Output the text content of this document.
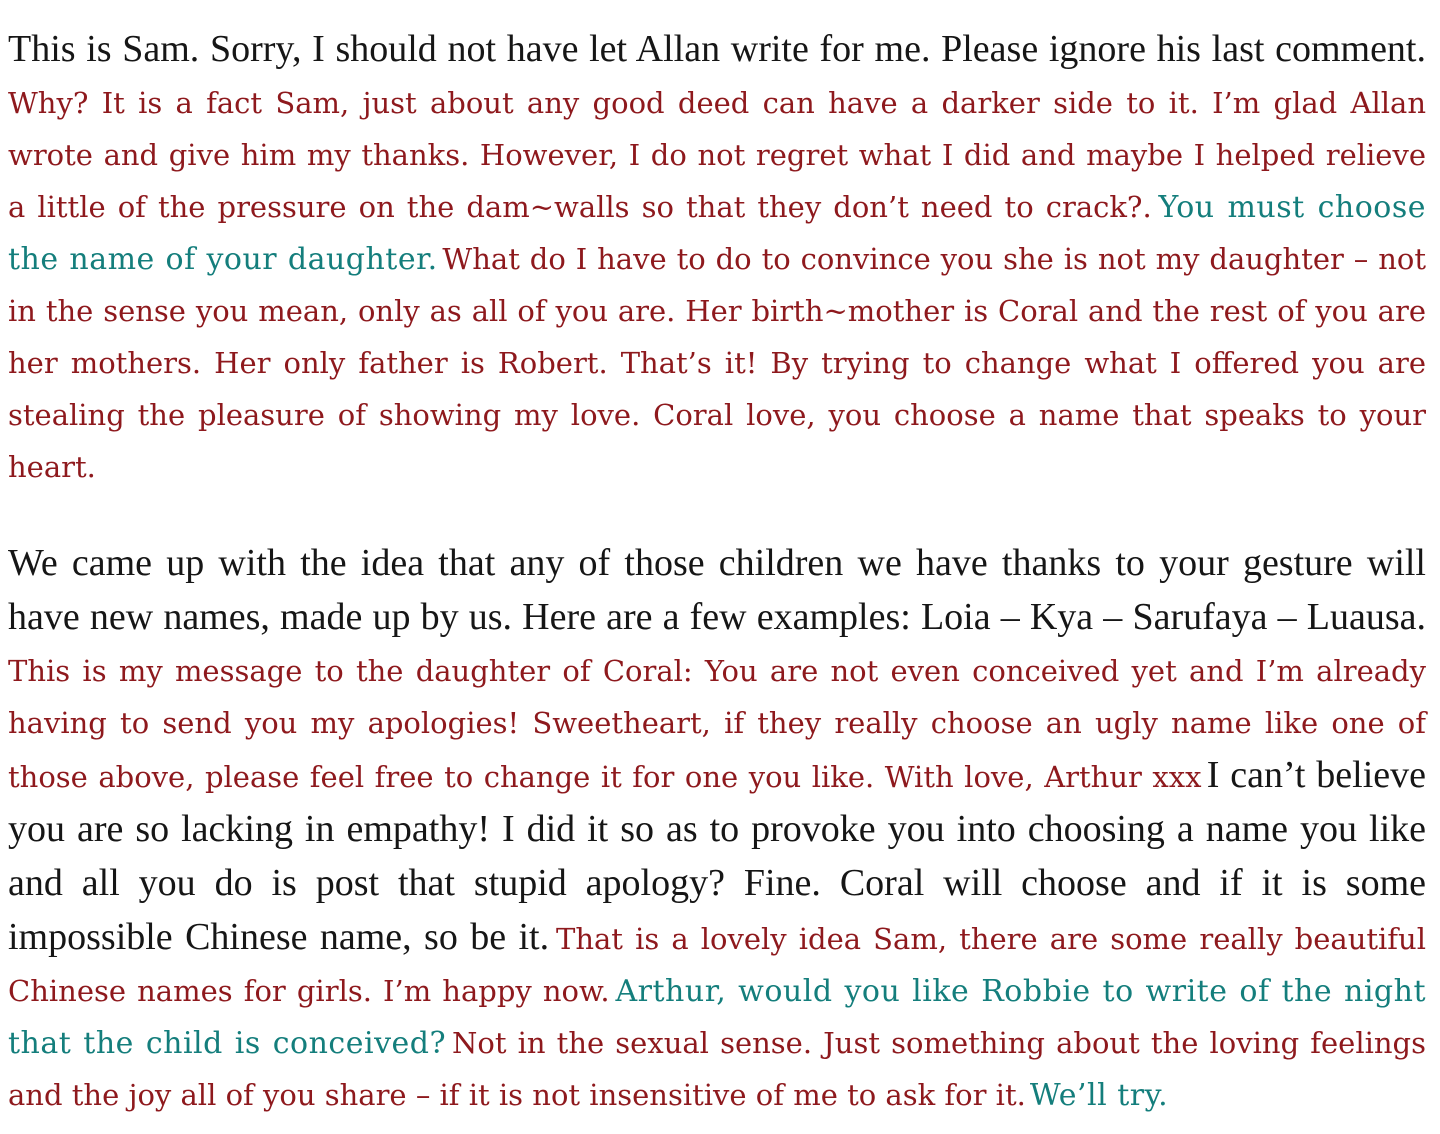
This is Sam. Sorry, I should not have let Allan write for me. Please ignore his last comment. Why? It is a fact Sam, just about any good deed can have a darker side to it. I’m glad Allan wrote and give him my thanks. However, I do not regret what I did and maybe I helped relieve a little of the pressure on the dam~walls so that they don’t need to crack?. You must choose the name of your daughter. What do I have to do to convince you she is not my daughter – not in the sense you mean, only as all of you are. Her birth~mother is Coral and the rest of you are her mothers. Her only father is Robert. That’s it! By trying to change what I offered you are stealing the pleasure of showing my love. Coral love, you choose a name that speaks to your heart.

We came up with the idea that any of those children we have thanks to your gesture will have new names, made up by us. Here are a few examples: Loia – Kya – Sarufaya – Luausa. This is my message to the daughter of Coral: You are not even conceived yet and I’m already having to send you my apologies! Sweetheart, if they really choose an ugly name like one of those above, please feel free to change it for one you like. With love, Arthur xxx I can’t believe you are so lacking in empathy! I did it so as to provoke you into choosing a name you like and all you do is post that stupid apology? Fine. Coral will choose and if it is some impossible Chinese name, so be it. That is a lovely idea Sam, there are some really beautiful Chinese names for girls. I’m happy now. Arthur, would you like Robbie to write of the night that the child is conceived? Not in the sexual sense. Just something about the loving feelings and the joy all of you share – if it is not insensitive of me to ask for it. We’ll try.
